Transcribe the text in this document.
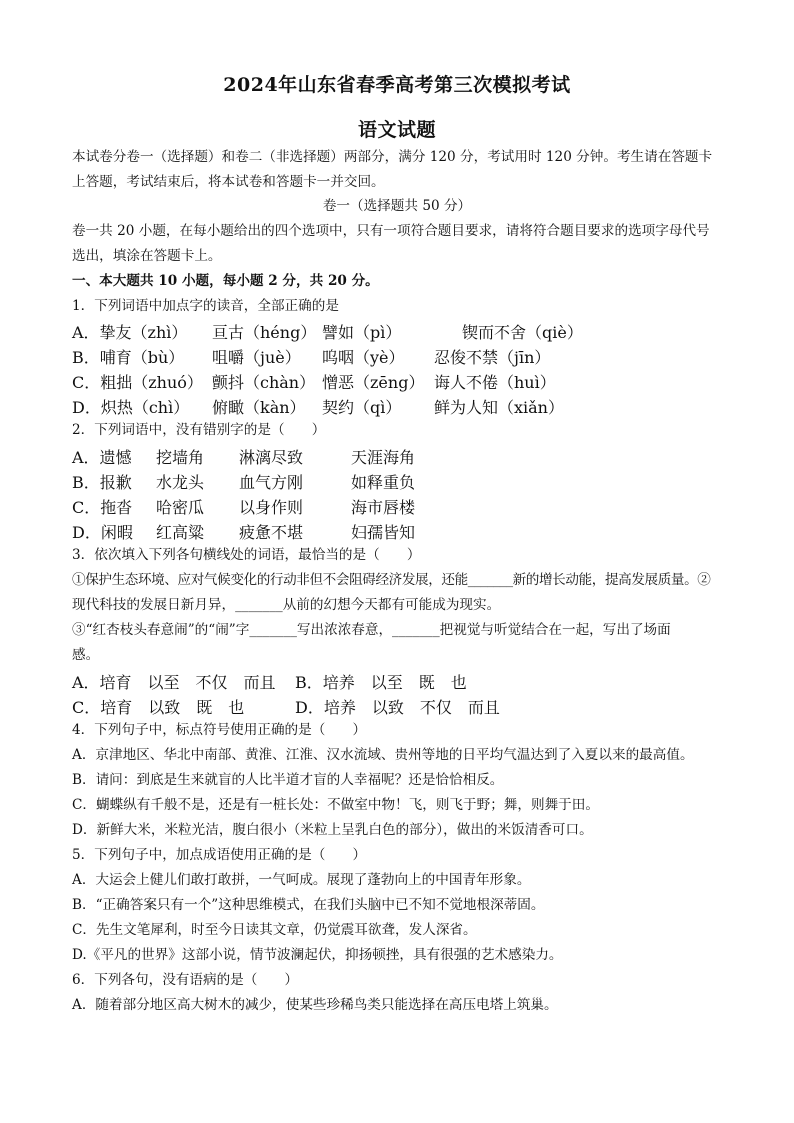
2024年山东省春季高考第三次模拟考试
语文试题
本试卷分卷一（选择题）和卷二（非选择题）两部分，满分 120 分，考试用时 120 分钟。考生请在答题卡
上答题，考试结束后，将本试卷和答题卡一并交回。
卷一（选择题共 50 分）
卷一共 20 小题，在每小题给出的四个选项中，只有一项符合题目要求，请将符合题目要求的选项字母代号
选出，填涂在答题卡上。
一、本大题共 10 小题，每小题 2 分，共 20 分。
1．下列词语中加点字的读音，全部正确的是
A．挚友（zhì） 亘古（héng） 譬如（pì）	锲而不舍（qiè）
B．哺育（bù） 咀嚼（juè） 呜咽（yè） 忍俊不禁（jīn）
C．粗拙（zhuó） 颤抖（chàn） 憎恶（zēng） 诲人不倦（huì）
D．炽热（chì） 俯瞰（kàn） 契约（qì） 鲜为人知（xiǎn）
2．下列词语中，没有错别字的是（　　）
A．遗憾 挖墙角 淋漓尽致	天涯海角
B．报歉 水龙头 血气方刚	如释重负
C．拖沓 哈密瓜 以身作则	海市唇楼
D．闲暇 红高粱 疲惫不堪	妇孺皆知
3．依次填入下列各句横线处的词语，最恰当的是（　　）
①保护生态环境、应对气候变化的行动非但不会阻碍经济发展，还能_______新的增长动能，提高发展质量。②
现代科技的发展日新月异，_______从前的幻想今天都有可能成为现实。
③“红杏枝头春意闹”的“闹”字_______写出浓浓春意，_______把视觉与听觉结合在一起，写出了场面
感。
A．培育　以至　不仅　而且 B．培养　以至　既　也
C．培育　以致　既　也	D．培养　以致　不仅　而且
4．下列句子中，标点符号使用正确的是（　　）
A．京津地区、华北中南部、黄淮、江淮、汉水流域、贵州等地的日平均气温达到了入夏以来的最高值。
B．请问：到底是生来就盲的人比半道才盲的人幸福呢？还是恰恰相反。
C．蝴蝶纵有千般不是，还是有一桩长处：不做室中物！飞，则飞于野；舞，则舞于田。
D．新鲜大米，米粒光洁，腹白很小（米粒上呈乳白色的部分），做出的米饭清香可口。
5．下列句子中，加点成语使用正确的是（　　）
A．大运会上健儿们敢打敢拼，一气呵成。展现了蓬勃向上的中国青年形象。
B．“正确答案只有一个”这种思维模式，在我们头脑中已不知不觉地根深蒂固。
C．先生文笔犀利，时至今日读其文章，仍觉震耳欲聋，发人深省。
D.《平凡的世界》这部小说，情节波澜起伏，抑扬顿挫，具有很强的艺术感染力。
6．下列各句，没有语病的是（　　）
A．随着部分地区高大树木的减少，使某些珍稀鸟类只能选择在高压电塔上筑巢。
